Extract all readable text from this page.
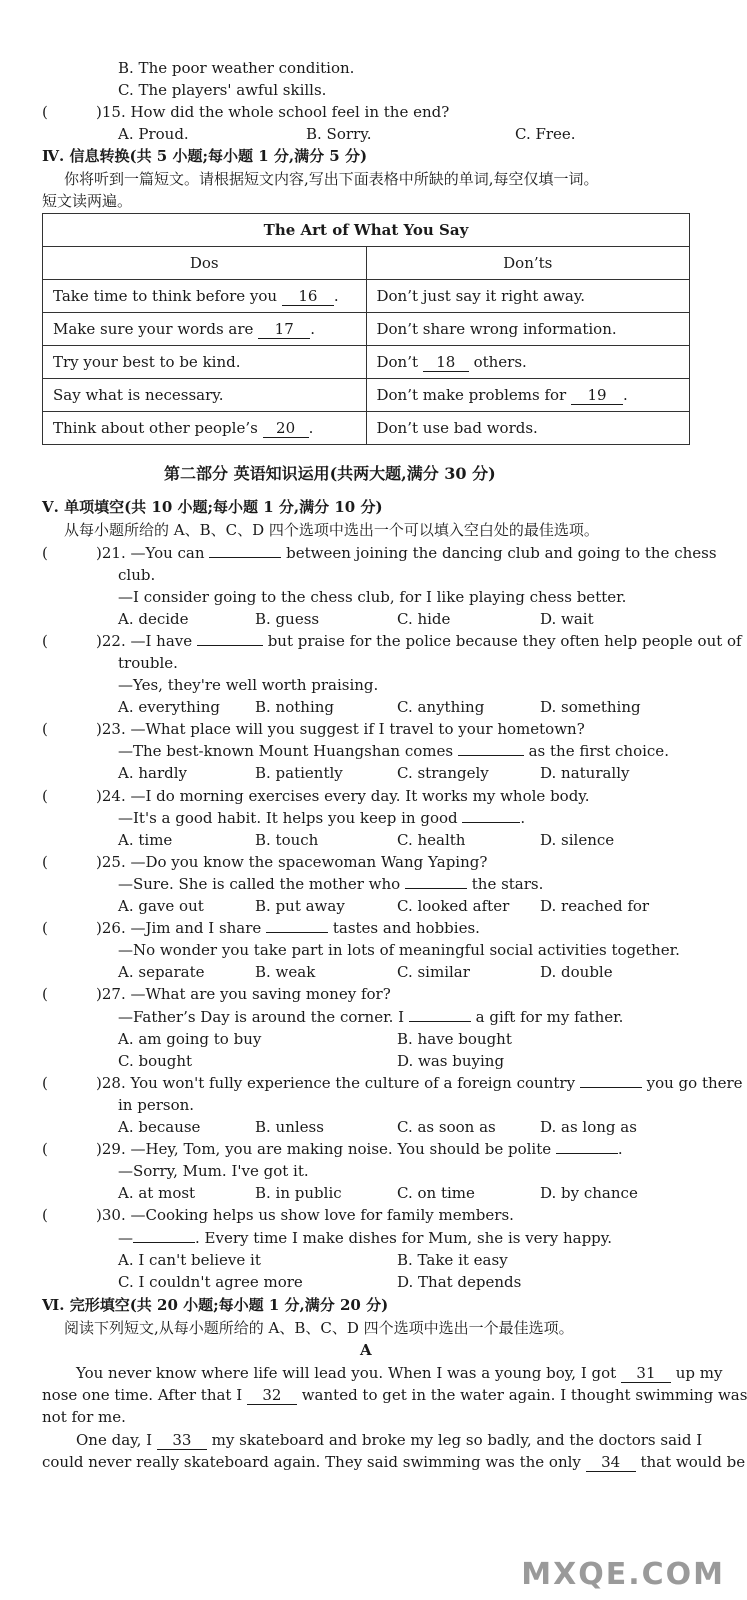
B. The poor weather condition.
C. The players' awful skills.
(	)15. How did the whole school feel in the end?
A. Proud.	B. Sorry.	C. Free.
Ⅳ. 信息转换(共 5 小题;每小题 1 分,满分 5 分)
你将听到一篇短文。请根据短文内容,写出下面表格中所缺的单词,每空仅填一词。
短文读两遍。
The Art of What You Say	
Dos	Don’ts
Take time to think before you 16 .	Don’t just say it right away.
Make sure your words are 17 .	Don’t share wrong information.
Try your best to be kind.	Don’t 18 others.
Say what is necessary.	Don’t make problems for 19 .
Think about other people’s 20 .	Don’t use bad words.
第二部分 英语知识运用(共两大题,满分 30 分)
Ⅴ. 单项填空(共 10 小题;每小题 1 分,满分 10 分)
从每小题所给的 A、B、C、D 四个选项中选出一个可以填入空白处的最佳选项。
(	)21. —You can	between joining the dancing club and going to the chess
club.
—I consider going to the chess club, for I like playing chess better.
A. decide	B. guess	C. hide	D. wait
(	)22. —I have	but praise for the police because they often help people out of
trouble.
—Yes, they're well worth praising.
A. everything B. nothing	C. anything	D. something
(	)23. —What place will you suggest if I travel to your hometown?
—The best-known Mount Huangshan comes	as the first choice.
A. hardly	B. patiently	C. strangely	D. naturally
(	)24. —I do morning exercises every day. It works my whole body.
—It's a good habit. It helps you keep in good	.
A. time	B. touch	C. health	D. silence
(	)25. —Do you know the spacewoman Wang Yaping?
—Sure. She is called the mother who	the stars.
A. gave out	B. put away	C. looked after D. reached for
(	)26. —Jim and I share	tastes and hobbies.
—No wonder you take part in lots of meaningful social activities together.
A. separate	B. weak	C. similar	D. double
(	)27. —What are you saving money for?
—Father’s Day is around the corner. I	a gift for my father.
A. am going to buy	B. have bought
C. bought	D. was buying
(	)28. You won't fully experience the culture of a foreign country	you go there
in person.
A. because	B. unless	C. as soon as	D. as long as
(	)29. —Hey, Tom, you are making noise. You should be polite	.
—Sorry, Mum. I've got it.
A. at most	B. in public	C. on time	D. by chance
(	)30. —Cooking helps us show love for family members.
—	. Every time I make dishes for Mum, she is very happy.
A. I can't believe it	B. Take it easy
C. I couldn't agree more	D. That depends
Ⅵ. 完形填空(共 20 小题;每小题 1 分,满分 20 分)
阅读下列短文,从每小题所给的 A、B、C、D 四个选项中选出一个最佳选项。
A
You never know where life will lead you. When I was a young boy, I got 31 up my
nose one time. After that I 32 wanted to get in the water again. I thought swimming was
not for me.
One day, I 33 my skateboard and broke my leg so badly, and the doctors said I
could never really skateboard again. They said swimming was the only 34 that would be
MXQE.COM
